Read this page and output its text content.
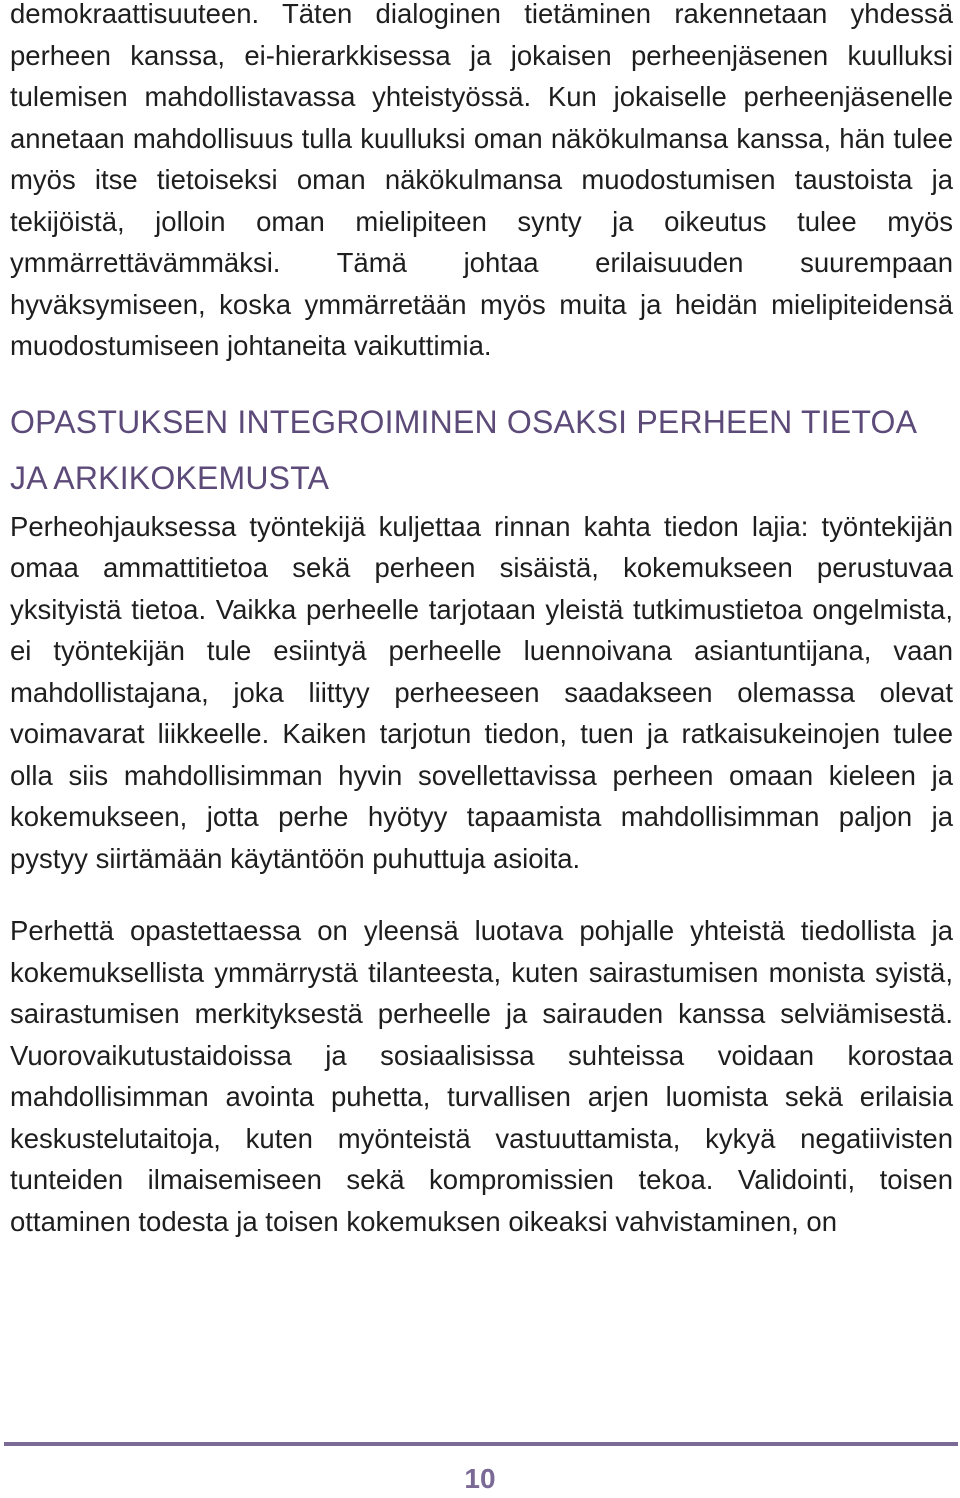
demokraattisuuteen. Täten dialoginen tietäminen rakennetaan yhdessä perheen kanssa, ei-hierarkkisessa ja jokaisen perheenjäsenen kuulluksi tulemisen mahdollistavassa yhteistyössä. Kun jokaiselle perheenjäsenelle annetaan mahdollisuus tulla kuulluksi oman näkökulmansa kanssa, hän tulee myös itse tietoiseksi oman näkökulmansa muodostumisen taustoista ja tekijöistä, jolloin oman mielipiteen synty ja oikeutus tulee myös ymmärrettävämmäksi. Tämä johtaa erilaisuuden suurempaan hyväksymiseen, koska ymmärretään myös muita ja heidän mielipiteidensä muodostumiseen johtaneita vaikuttimia.

OPASTUKSEN INTEGROIMINEN OSAKSI PERHEEN TIETOA JA ARKIKOKEMUSTA

Perheohjauksessa työntekijä kuljettaa rinnan kahta tiedon lajia: työntekijän omaa ammattitietoa sekä perheen sisäistä, kokemukseen perustuvaa yksityistä tietoa. Vaikka perheelle tarjotaan yleistä tutkimustietoa ongelmista, ei työntekijän tule esiintyä perheelle luennoivana asiantuntijana, vaan mahdollistajana, joka liittyy perheeseen saadakseen olemassa olevat voimavarat liikkeelle. Kaiken tarjotun tiedon, tuen ja ratkaisukeinojen tulee olla siis mahdollisimman hyvin sovellettavissa perheen omaan kieleen ja kokemukseen, jotta perhe hyötyy tapaamista mahdollisimman paljon ja pystyy siirtämään käytäntöön puhuttuja asioita.

Perhettä opastettaessa on yleensä luotava pohjalle yhteistä tiedollista ja kokemuksellista ymmärrystä tilanteesta, kuten sairastumisen monista syistä, sairastumisen merkityksestä perheelle ja sairauden kanssa selviämisestä. Vuorovaikutustaidoissa ja sosiaalisissa suhteissa voidaan korostaa mahdollisimman avointa puhetta, turvallisen arjen luomista sekä erilaisia keskustelutaitoja, kuten myönteistä vastuuttamista, kykyä negatiivisten tunteiden ilmaisemiseen sekä kompromissien tekoa. Validointi, toisen ottaminen todesta ja toisen kokemuksen oikeaksi vahvistaminen, on

10
